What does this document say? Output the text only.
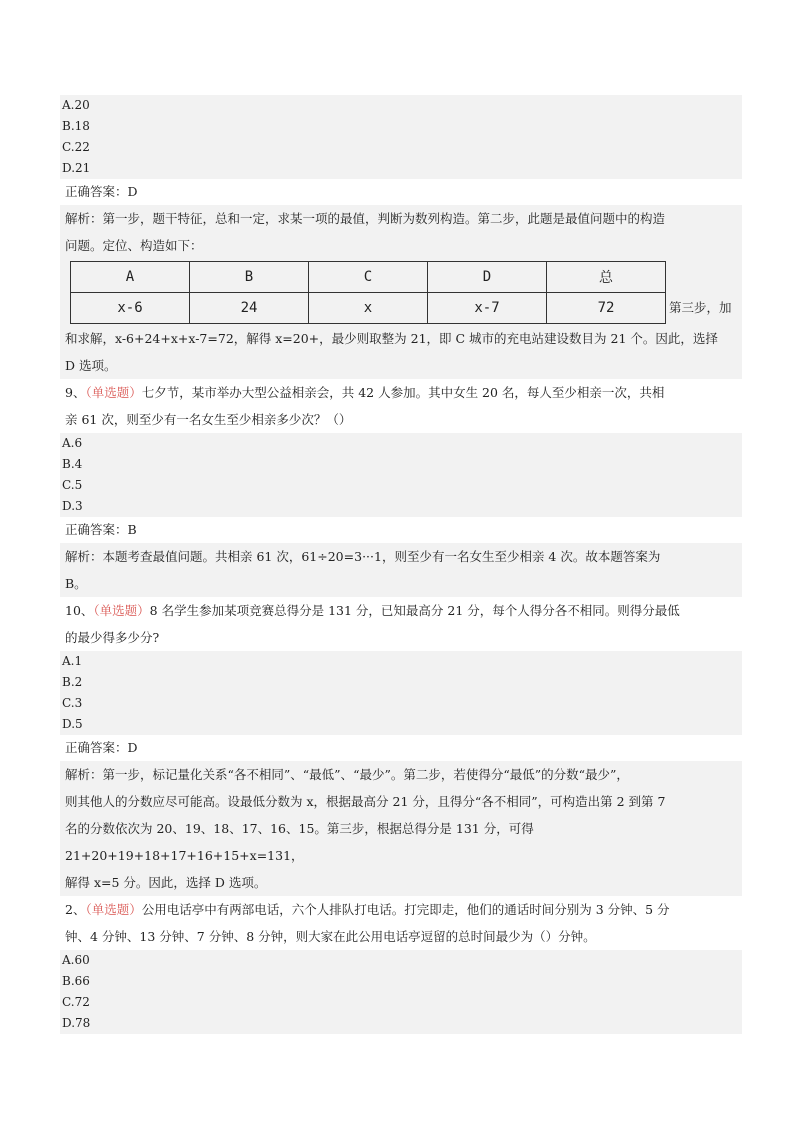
A.20
B.18
C.22
D.21
正确答案：D
解析：第一步，题干特征，总和一定，求某一项的最值，判断为数列构造。第二步，此题是最值问题中的构造
问题。定位、构造如下：
A	B	C	D	总
x-6	24	x	x-7	72	第三步，加
和求解，x-6+24+x+x-7=72，解得 x=20+，最少则取整为 21，即 C 城市的充电站建设数目为 21 个。因此，选择
D 选项。
9、（单选题）七夕节，某市举办大型公益相亲会，共 42 人参加。其中女生 20 名，每人至少相亲一次，共相
亲 61 次，则至少有一名女生至少相亲多少次？（）
A.6
B.4
C.5
D.3
正确答案：B
解析：本题考查最值问题。共相亲 61 次，61÷20=3···1，则至少有一名女生至少相亲 4 次。故本题答案为
B。
10、（单选题）8 名学生参加某项竞赛总得分是 131 分，已知最高分 21 分，每个人得分各不相同。则得分最低
的最少得多少分?
A.1
B.2
C.3
D.5
正确答案：D
解析：第一步，标记量化关系“各不相同”、“最低”、“最少”。第二步，若使得分“最低”的分数“最少”，
则其他人的分数应尽可能高。设最低分数为 x，根据最高分 21 分，且得分“各不相同”，可构造出第 2 到第 7
名的分数依次为 20、19、18、17、16、15。第三步，根据总得分是 131 分，可得 21+20+19+18+17+16+15+x=131，
解得 x=5 分。因此，选择 D 选项。
2、（单选题）公用电话亭中有两部电话，六个人排队打电话。打完即走，他们的通话时间分别为 3 分钟、5 分
钟、4 分钟、13 分钟、7 分钟、8 分钟，则大家在此公用电话亭逗留的总时间最少为（）分钟。
A.60
B.66
C.72
D.78
